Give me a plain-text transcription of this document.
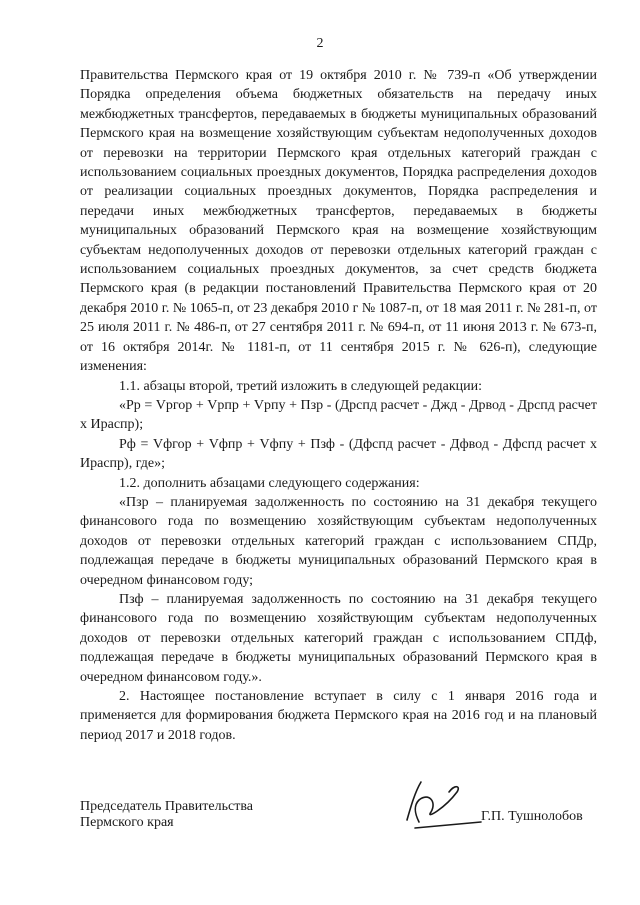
2

Правительства Пермского края от 19 октября 2010 г. № 739-п «Об утверждении Порядка определения объема бюджетных обязательств на передачу иных межбюджетных трансфертов, передаваемых в бюджеты муниципальных образований Пермского края на возмещение хозяйствующим субъектам недополученных доходов от перевозки на территории Пермского края отдельных категорий граждан с использованием социальных проездных документов, Порядка распределения доходов от реализации социальных проездных документов, Порядка распределения и передачи иных межбюджетных трансфертов, передаваемых в бюджеты муниципальных образований Пермского края на возмещение хозяйствующим субъектам недополученных доходов от перевозки отдельных категорий граждан с использованием социальных проездных документов, за счет средств бюджета Пермского края (в редакции постановлений Правительства Пермского края от 20 декабря 2010 г. № 1065-п, от 23 декабря 2010 г № 1087-п, от 18 мая 2011 г. № 281-п, от 25 июля 2011 г. № 486-п, от 27 сентября 2011 г. № 694-п, от 11 июня 2013 г. № 673-п, от 16 октября 2014г. № 1181-п, от 11 сентября 2015 г. № 626-п), следующие изменения:

1.1. абзацы второй, третий изложить в следующей редакции:

«Рр = Vргор + Vрпр + Vрпу + Пзр - (Дрспд расчет - Джд - Дрвод - Дрспд расчет х Ираспр);

Рф = Vфгор + Vфпр + Vфпу + Пзф - (Дфспд расчет - Дфвод - Дфспд расчет х Ираспр), где»;

1.2. дополнить абзацами следующего содержания:

«Пзр – планируемая задолженность по состоянию на 31 декабря текущего финансового года по возмещению хозяйствующим субъектам недополученных доходов от перевозки отдельных категорий граждан с использованием СПДр, подлежащая передаче в бюджеты муниципальных образований Пермского края в очередном финансовом году;

Пзф – планируемая задолженность по состоянию на 31 декабря текущего финансового года по возмещению хозяйствующим субъектам недополученных доходов от перевозки отдельных категорий граждан с использованием СПДф, подлежащая передаче в бюджеты муниципальных образований Пермского края в очередном финансовом году.».

2. Настоящее постановление вступает в силу с 1 января 2016 года и применяется для формирования бюджета Пермского края на 2016 год и на плановый период 2017 и 2018 годов.

Председатель Правительства
Пермского края	Г.П. Тушнолобов
